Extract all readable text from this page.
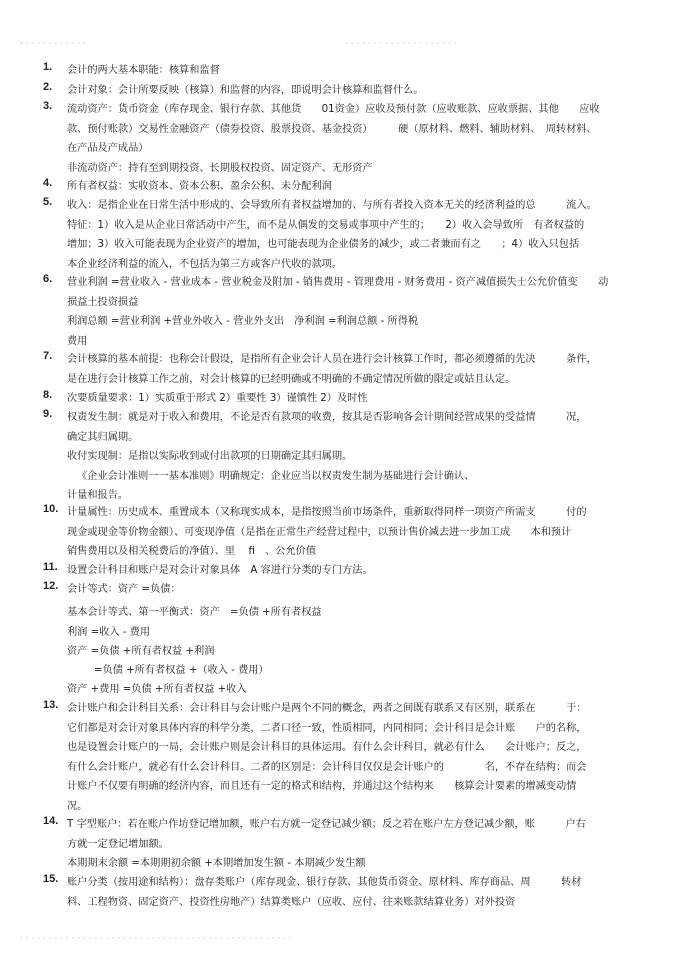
· · · · · · · · · · · · · · · · · · · ·
· · · · · · · · · · · ·
1. 会计的两大基本职能：核算和监督
2. 会计对象：会计所要反映（核算）和监督的内容，即说明会计核算和监督什么。
3. 流动资产：货币资金（库存现金、银行存款、其他货　　01资金）应收及预付款（应收账款、应收票据、其他　　应收
款、预付账款）交易性金融资产（债券投资、股票投资、基金投资）　　　硬（原材料、燃料、辅助材料、　周转材料、
在产品及产成品）
非流动资产：持有至到期投资、长期股权投资、固定资产、无形资产
4. 所有者权益：实收资本、资本公积、盈余公积、未分配利润
5. 收入：是指企业在日常生活中形成的、会导致所有者权益增加的、与所有者投入资本无关的经济利益的总　　　流入。
特征：1）收入是从企业日常活动中产生，而不是从偶发的交易或事项中产生的；　　2）收入会导致所　有者权益的
增加；3）收入可能表现为企业资产的增加，也可能表现为企业债务的减少，或二者兼而有之　　；4）收入只包括
本企业经济利益的流入，不包括为第三方或客户代收的款项。
6. 营业利润 =营业收入 - 营业成本 - 营业税金及附加 - 销售费用 - 管理费用 - 财务费用 - 资产减值损失士公允价值变　　动
损益土投资损益
利润总额 =营业利润 +营业外收入 - 营业外支出　净利润 =利润总额 - 所得税
费用
7. 会计核算的基本前提：也称会计假设，是指所有企业会计人员在进行会计核算工作时，都必须遵循的先决　　　条件，
是在进行会计核算工作之前，对会计核算的已经明确或不明确的不确定情况所做的限定或姑且认定。
8. 次要质量要求：1）实质重于形式 2）重要性 3）谨慎性 2）及时性
9. 权责发生制：就是对于收入和费用，不论是否有款项的收费，按其是否影响各会计期间经营成果的受益情　　　况，
确定其归属期。
收付实现制：是指以实际收到或付出款项的日期确定其归属期。
《企业会计准则一一基本准则》明确规定：企业应当以权责发生制为基础进行会计确认、
计量和报告。
10. 计量属性：历史成本、重置成本（又称现实成本，是指按照当前市场条件，重新取得同样一项资产所需支　　　付的
现金或现金等价物金额）、可变现净值（是指在正常生产经营过程中，以预计售价减去进一步加工成　　本和预计
销售费用以及相关税费后的净值）、里　 fi　、公允价值
11. 设置会计科目和账户是对会计对象具体　A 容进行分类的专门方法。
12. 会计等式：资产 =负债：
基本会计等式、第一平衡式：资产　=负债 +所有者权益
利润 =收入 - 费用
资产 =负债 +所有者权益 +利润
=负债 +所有者权益 +（收入 - 费用）
资产 +费用 =负债 +所有者权益 +收入
13. 会计账户和会计科目关系：会计科目与会计账户是两个不同的概念，两者之间既有联系又有区别，联系在　　　于：
它们都是对会计对象具体内容的科学分类，二者口径一致，性质相同，内同相同；会计科目是会计账　　户的名称，
也是设置会计账户的一局，会计账户则是会计科目的具体运用。有什么会计科目，就必有什么　　会计账户；反之，
有什么会计账户，就必有什么会计科目。二者的区别是：会计科目仅仅是会计账户的　　　　名，不存在结构；而会
计账户不仅要有明确的经济内容，而且还有一定的格式和结构，并通过这个结构来　　核算会计要素的增减变动情
况。
14. T 字型账户：若在账户作坊登记增加额，账户右方就一定登记减少额；反之若在账户左方登记减少额，账　　　户右
方就一定登记增加额。
本期期末余额 =本期期初余额 +本期增加发生额 - 本期减少发生额
15. 账户分类（按用途和结构）：盘存类账户（库存现金、银行存款、其他货币资金、原材料、库存商品、周　　　转材
料、工程物资、固定资产、投资性房地产）结算类账户（应收、应付、往来账款结算业务）对外投资
· · · · · · · · · · · · · · · · · · · · · · · · · · · · · · · · · · · · · · · · · · · · · · · ·
